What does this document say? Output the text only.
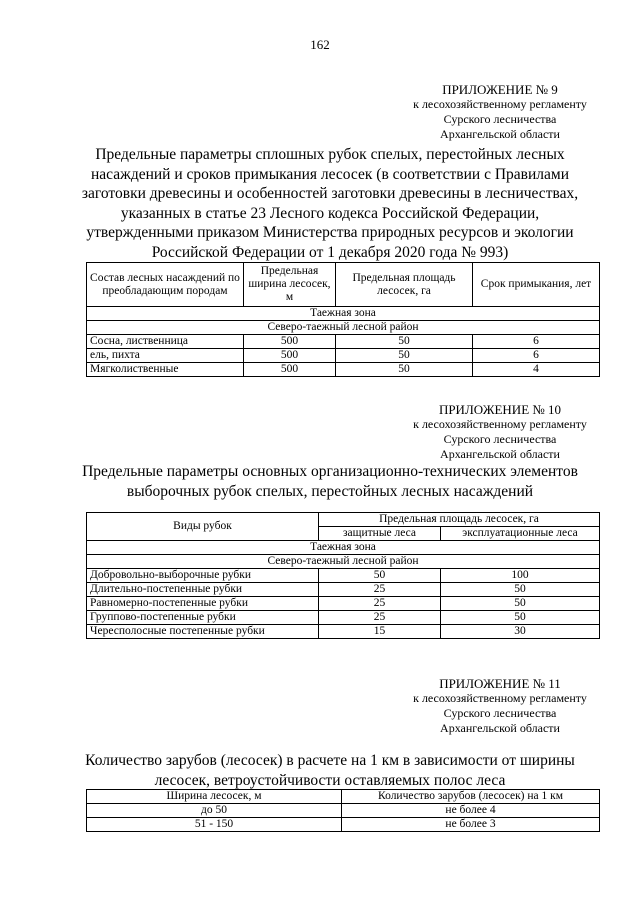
162
ПРИЛОЖЕНИЕ № 9
к лесохозяйственному регламенту
Сурского лесничества
Архангельской области
Предельные параметры сплошных рубок спелых, перестойных лесных
насаждений и сроков примыкания лесосек (в соответствии с Правилами
заготовки древесины и особенностей заготовки древесины в лесничествах,
указанных в статье 23 Лесного кодекса Российской Федерации,
утвержденными приказом Министерства природных ресурсов и экологии
Российской Федерации от 1 декабря 2020 года № 993)
Состав лесных насаждений по преобладающим породам	Предельная ширина лесосек, м	Предельная площадь лесосек, га	Срок примыкания, лет
Таежная зона			
Северо-таежный лесной район			
Сосна, лиственница	500	50	6
ель, пихта	500	50	6
Мягколиственные	500	50	4
ПРИЛОЖЕНИЕ № 10
к лесохозяйственному регламенту
Сурского лесничества
Архангельской области
Предельные параметры основных организационно-технических элементов
выборочных рубок спелых, перестойных лесных насаждений
Виды рубок	Предельная площадь лесосек, га	
	защитные леса	эксплуатационные леса
Таежная зона		
Северо-таежный лесной район		
Добровольно-выборочные рубки	50	100
Длительно-постепенные рубки	25	50
Равномерно-постепенные рубки	25	50
Группово-постепенные рубки	25	50
Чересполосные постепенные рубки	15	30
ПРИЛОЖЕНИЕ № 11
к лесохозяйственному регламенту
Сурского лесничества
Архангельской области
Количество зарубов (лесосек) в расчете на 1 км в зависимости от ширины
лесосек, ветроустойчивости оставляемых полос леса
Ширина лесосек, м	Количество зарубов (лесосек) на 1 км
до 50	не более 4
51 - 150	не более 3
